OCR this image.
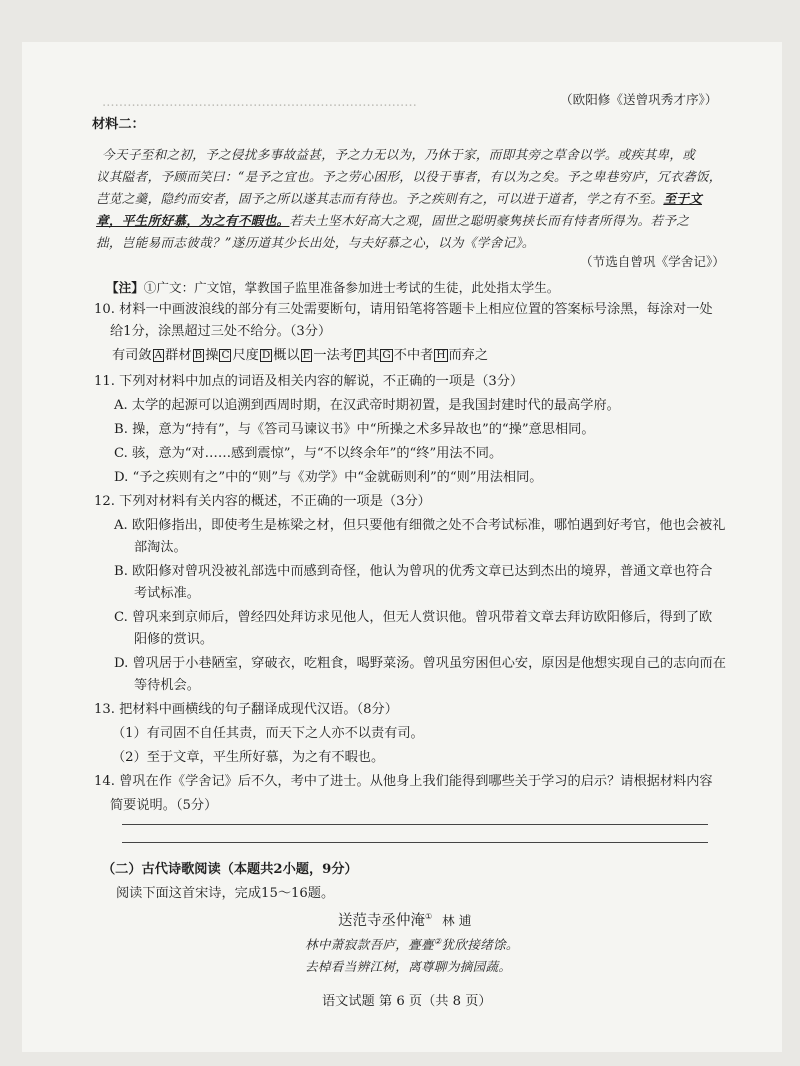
…………………………………………………………………	（欧阳修《送曾巩秀才序》）
材料二：
今天子至和之初，予之侵扰多事故益甚，予之力无以为，乃休于家，而即其旁之草舍以学。或疾其卑，或
议其隘者，予顾而笑曰：“是予之宜也。予之劳心困形，以役于事者，有以为之矣。予之卑巷穷庐，冗衣砻饭，
芑苋之羹，隐约而安者，固予之所以遂其志而有待也。予之疾则有之，可以进于道者，学之有不至。至于文
章，平生所好慕，为之有不暇也。若夫土坚木好高大之观，固世之聪明豪隽挟长而有恃者所得为。若予之
拙，岂能易而志彼哉？”遂历道其少长出处，与夫好慕之心，以为《学舍记》。
（节选自曾巩《学舍记》）
【注】①广文：广文馆，掌教国子监里准备参加进士考试的生徒，此处指太学生。
10. 材料一中画波浪线的部分有三处需要断句，请用铅笔将答题卡上相应位置的答案标号涂黑，每涂对一处
给1分，涂黑超过三处不给分。（3分）
有司敛 A 群材 B 操 C 尺度 D 概以 E 一法考 F 其 G 不中者 H 而弃之
11. 下列对材料中加点的词语及相关内容的解说，不正确的一项是（3分）
A. 太学的起源可以追溯到西周时期，在汉武帝时期初置，是我国封建时代的最高学府。
B. 操，意为“持有”，与《答司马谏议书》中“所操之术多异故也”的“操”意思相同。
C. 骇，意为“对……感到震惊”，与“不以终余年”的“终”用法不同。
D. “予之疾则有之”中的“则”与《劝学》中“金就砺则利”的“则”用法相同。
12. 下列对材料有关内容的概述，不正确的一项是（3分）
A. 欧阳修指出，即使考生是栋梁之材，但只要他有细微之处不合考试标准，哪怕遇到好考官，他也会被礼
部淘汰。
B. 欧阳修对曾巩没被礼部选中而感到奇怪，他认为曾巩的优秀文章已达到杰出的境界，普通文章也符合
考试标准。
C. 曾巩来到京师后，曾经四处拜访求见他人，但无人赏识他。曾巩带着文章去拜访欧阳修后，得到了欧
阳修的赏识。
D. 曾巩居于小巷陋室，穿破衣，吃粗食，喝野菜汤。曾巩虽穷困但心安，原因是他想实现自己的志向而在
等待机会。
13. 把材料中画横线的句子翻译成现代汉语。（8分）
（1）有司固不自任其责，而天下之人亦不以责有司。
（2）至于文章，平生所好慕，为之有不暇也。
14. 曾巩在作《学舍记》后不久，考中了进士。从他身上我们能得到哪些关于学习的启示？请根据材料内容
简要说明。（5分）
（二）古代诗歌阅读（本题共2小题，9分）
阅读下面这首宋诗，完成15～16题。
送范寺丞仲淹① 林 逋
林中萧寂款吾庐，亹亹②犹欣接绪馀。
去棹看当辨江树，离尊聊为摘园蔬。
语文试题 第 6 页（共 8 页）
